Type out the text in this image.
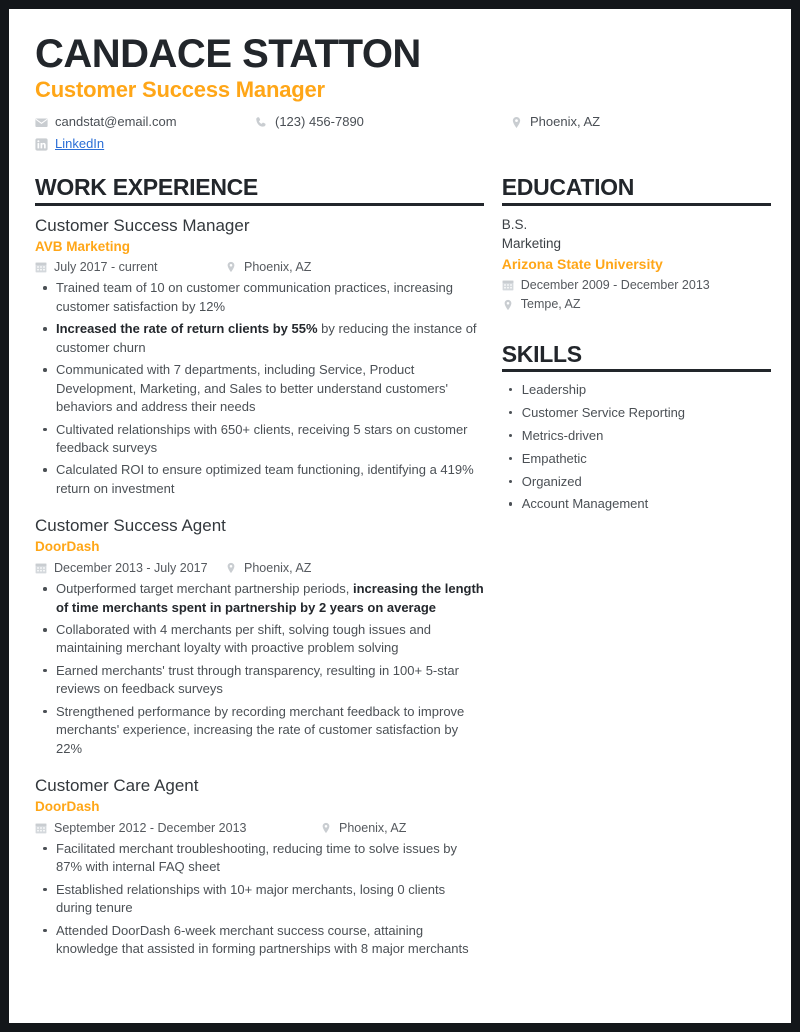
CANDACE STATTON
Customer Success Manager
candstat@email.com	(123) 456-7890	Phoenix, AZ
LinkedIn
WORK EXPERIENCE
Customer Success Manager
AVB Marketing
July 2017 - current	Phoenix, AZ
Trained team of 10 on customer communication practices, increasing customer satisfaction by 12%
Increased the rate of return clients by 55% by reducing the instance of customer churn
Communicated with 7 departments, including Service, Product Development, Marketing, and Sales to better understand customers' behaviors and address their needs
Cultivated relationships with 650+ clients, receiving 5 stars on customer feedback surveys
Calculated ROI to ensure optimized team functioning, identifying a 419% return on investment
Customer Success Agent
DoorDash
December 2013 - July 2017	Phoenix, AZ
Outperformed target merchant partnership periods, increasing the length of time merchants spent in partnership by 2 years on average
Collaborated with 4 merchants per shift, solving tough issues and maintaining merchant loyalty with proactive problem solving
Earned merchants' trust through transparency, resulting in 100+ 5-star reviews on feedback surveys
Strengthened performance by recording merchant feedback to improve merchants' experience, increasing the rate of customer satisfaction by 22%
Customer Care Agent
DoorDash
September 2012 - December 2013	Phoenix, AZ
Facilitated merchant troubleshooting, reducing time to solve issues by 87% with internal FAQ sheet
Established relationships with 10+ major merchants, losing 0 clients during tenure
Attended DoorDash 6-week merchant success course, attaining knowledge that assisted in forming partnerships with 8 major merchants
EDUCATION
B.S.
Marketing
Arizona State University
December 2009 - December 2013
Tempe, AZ
SKILLS
Leadership
Customer Service Reporting
Metrics-driven
Empathetic
Organized
Account Management
